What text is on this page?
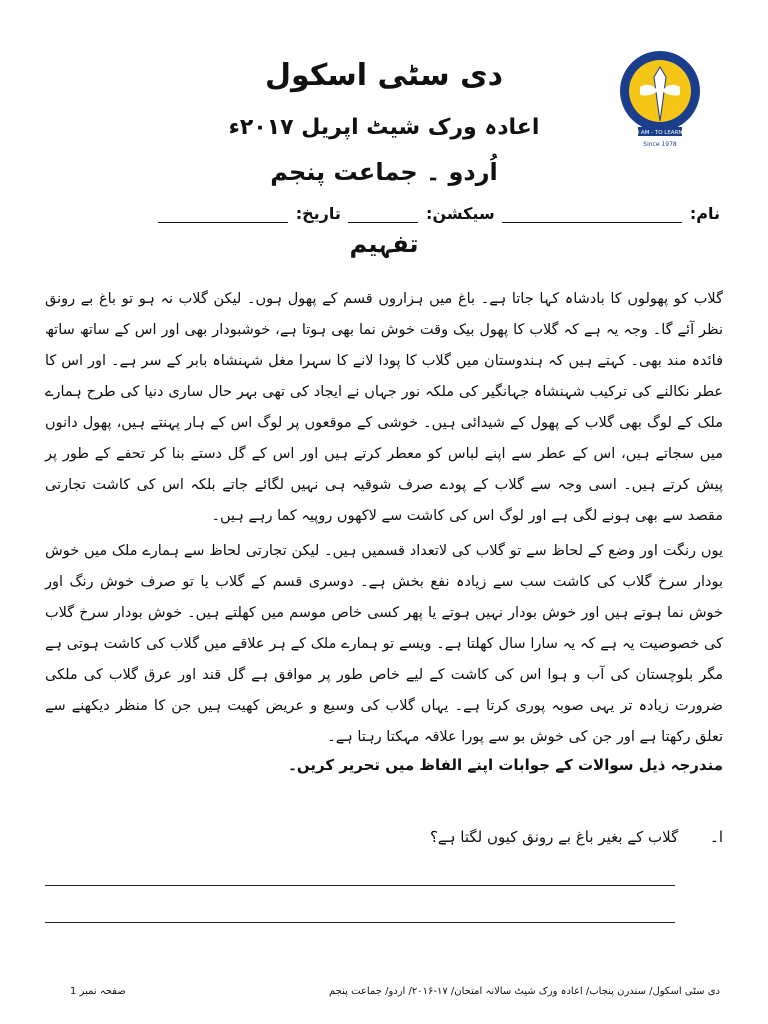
I AM - TO LEARN
Since 1978
دی سٹی اسکول
اعادہ ورک شیٹ اپریل ۲۰۱۷ء
اُردو ۔ جماعت پنجم
نام:  سیکشن:  تاریخ:
تفہیم
گلاب کو پھولوں کا بادشاہ کہا جاتا ہے۔ باغ میں ہزاروں قسم کے پھول ہوں۔ لیکن گلاب نہ ہو تو باغ بے رونق نظر آئے گا۔ وجہ یہ ہے کہ گلاب کا پھول بیک وقت خوش نما بھی ہوتا ہے، خوشبودار بھی اور اس کے ساتھ ساتھ فائدہ مند بھی۔ کہتے ہیں کہ ہندوستان میں گلاب کا پودا لانے کا سہرا مغل شہنشاہ بابر کے سر ہے۔ اور اس کا عطر نکالنے کی ترکیب شہنشاہ جہانگیر کی ملکہ نور جہاں نے ایجاد کی تھی بہر حال ساری دنیا کی طرح ہمارے ملک کے لوگ بھی گلاب کے پھول کے شیدائی ہیں۔ خوشی کے موقعوں پر لوگ اس کے ہار پہنتے ہیں، پھول دانوں میں سجاتے ہیں، اس کے عطر سے اپنے لباس کو معطر کرتے ہیں اور اس کے گل دستے بنا کر تحفے کے طور پر پیش کرتے ہیں۔ اسی وجہ سے گلاب کے پودے صرف شوقیہ ہی نہیں لگائے جاتے بلکہ اس کی کاشت تجارتی مقصد سے بھی ہونے لگی ہے اور لوگ اس کی کاشت سے لاکھوں روپیہ کما رہے ہیں۔
یوں رنگت اور وضع کے لحاظ سے تو گلاب کی لاتعداد قسمیں ہیں۔ لیکن تجارتی لحاظ سے ہمارے ملک میں خوش بودار سرخ گلاب کی کاشت سب سے زیادہ نفع بخش ہے۔ دوسری قسم کے گلاب یا تو صرف خوش رنگ اور خوش نما ہوتے ہیں اور خوش بودار نہیں ہوتے یا پھر کسی خاص موسم میں کھلتے ہیں۔ خوش بودار سرخ گلاب کی خصوصیت یہ ہے کہ یہ سارا سال کھلتا ہے۔ ویسے تو ہمارے ملک کے ہر علاقے میں گلاب کی کاشت ہوتی ہے مگر بلوچستان کی آب و ہوا اس کی کاشت کے لیے خاص طور پر موافق ہے گل قند اور عرق گلاب کی ملکی ضرورت زیادہ تر یہی صوبہ پوری کرتا ہے۔ یہاں گلاب کی وسیع و عریض کھیت ہیں جن کا منظر دیکھنے سے تعلق رکھتا ہے اور جن کی خوش بو سے پورا علاقہ مہکتا رہتا ہے۔
مندرجہ ذیل سوالات کے جوابات اپنے الفاظ میں تحریر کریں۔
ا۔ گلاب کے بغیر باغ بے رونق کیوں لگتا ہے؟
صفحہ نمبر 1	دی سٹی اسکول/ سندرن پنجاب/ اعادہ ورک شیٹ سالانہ امتحان/ ۱۷-۲۰۱۶/ اردو/ جماعت پنجم
